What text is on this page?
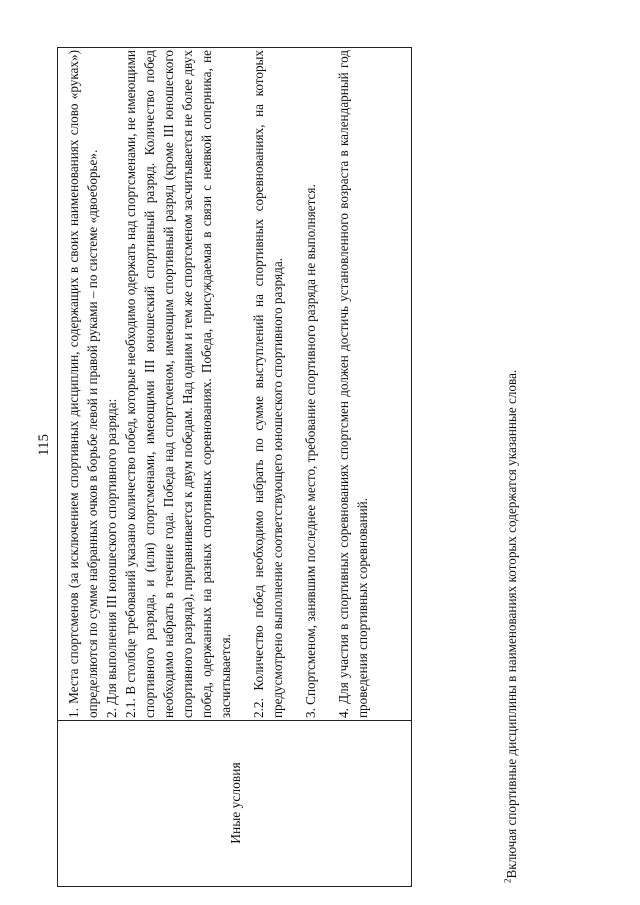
115
Иные условия

1. Места спортсменов (за исключением спортивных дисциплин, содержащих в своих наименованиях слово «руках») определяются по сумме набранных очков в борьбе левой и правой руками – по системе «двоеборье». 2. Для выполнения III юношеского спортивного разряда: 2.1. В столбце требований указано количество побед, которые необходимо одержать над спортсменами, не имеющими спортивного разряда, и (или) спортсменами, имеющими III юношеский спортивный разряд. Количество побед необходимо набрать в течение года. Победа над спортсменом, имеющим спортивный разряд (кроме III юношеского спортивного разряда), приравнивается к двум победам. Над одним и тем же спортсменом засчитывается не более двух побед, одержанных на разных спортивных соревнованиях. Победа, присуждаемая в связи с неявкой соперника, не засчитывается. 2.2. Количество побед необходимо набрать по сумме выступлений на спортивных соревнованиях, на которых предусмотрено выполнение соответствующего юношеского спортивного разряда. 3. Спортсменом, занявшим последнее место, требование спортивного разряда не выполняется. 4. Для участия в спортивных соревнованиях спортсмен должен достичь установленного возраста в календарный год проведения спортивных соревнований.

$^2$Включая спортивные дисциплины в наименованиях которых содержатся указанные слова.
